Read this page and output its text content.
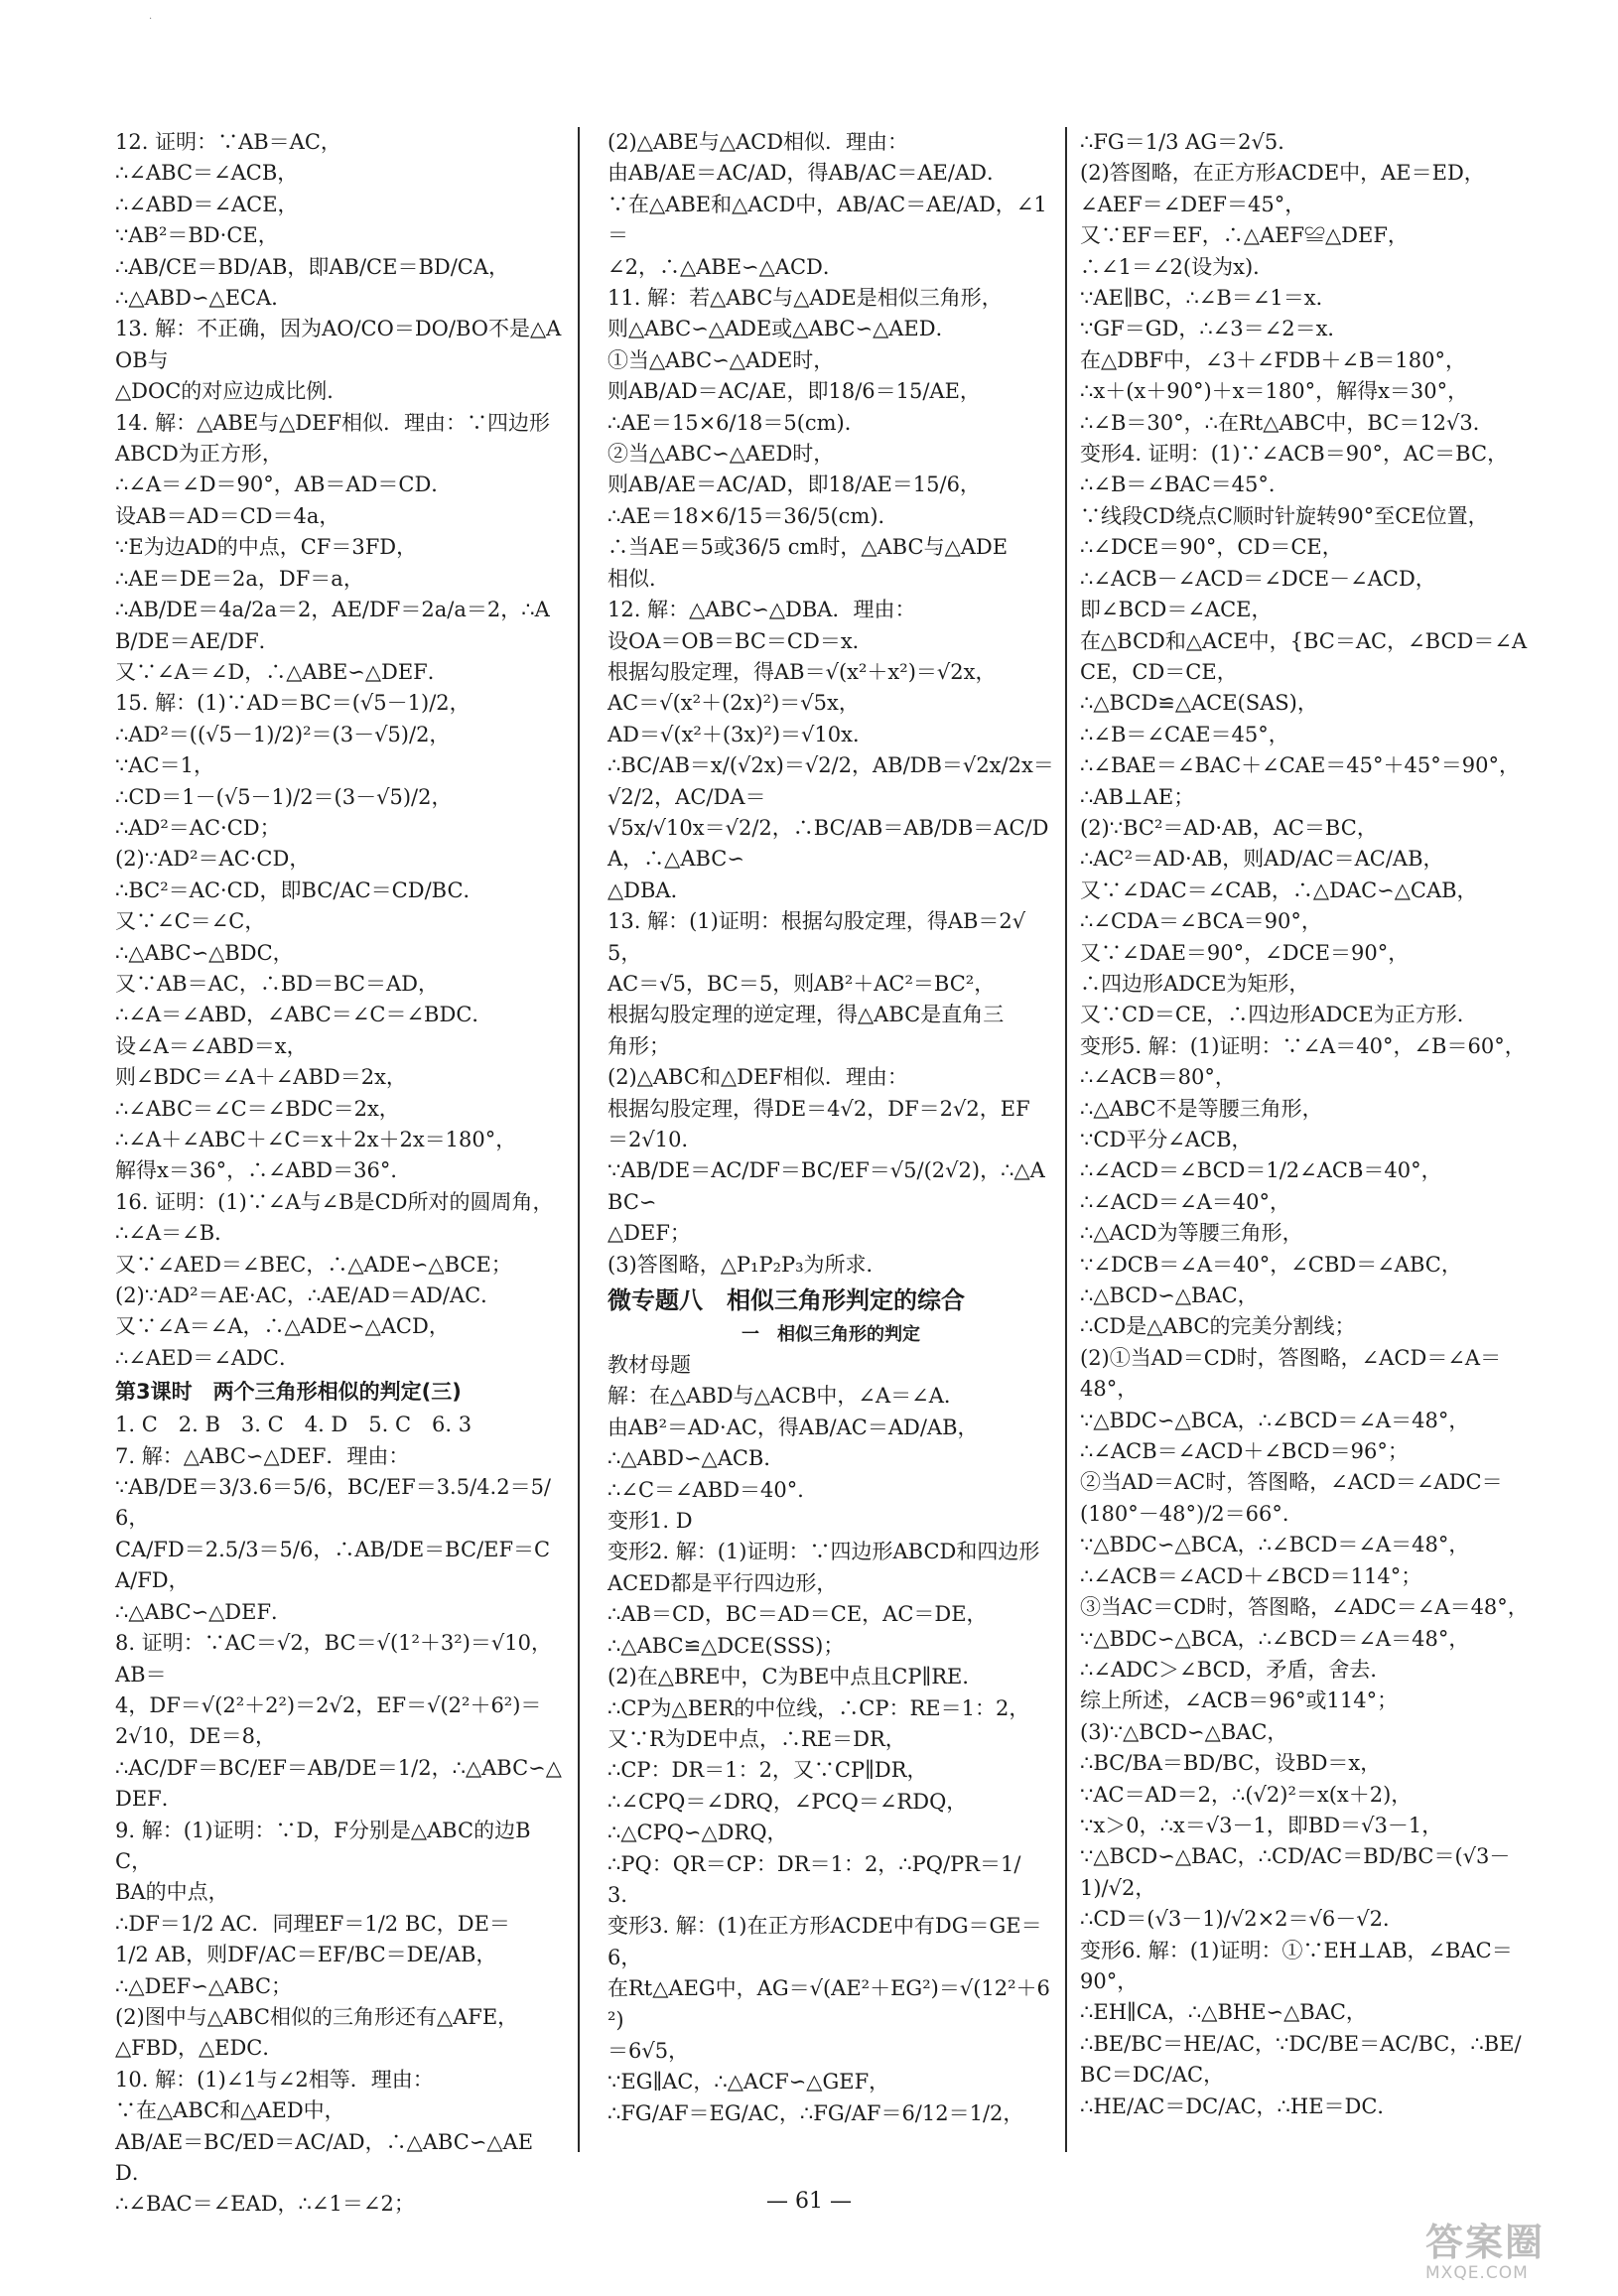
·
12. 证明：∵AB＝AC，
∴∠ABC＝∠ACB，
∴∠ABD＝∠ACE，
∵AB²＝BD·CE，
∴AB/CE＝BD/AB，即AB/CE＝BD/CA，
∴△ABD∽△ECA．
13. 解：不正确，因为AO/CO＝DO/BO不是△AOB与
△DOC的对应边成比例．
14. 解：△ABE与△DEF相似．理由：∵四边形
ABCD为正方形，
∴∠A＝∠D＝90°，AB＝AD＝CD．
设AB＝AD＝CD＝4a，
∵E为边AD的中点，CF＝3FD，
∴AE＝DE＝2a，DF＝a，
∴AB/DE＝4a/2a＝2，AE/DF＝2a/a＝2，∴AB/DE＝AE/DF．
又∵∠A＝∠D，∴△ABE∽△DEF．
15. 解：(1)∵AD＝BC＝(√5－1)/2，
∴AD²＝((√5－1)/2)²＝(3－√5)/2，
∵AC＝1，
∴CD＝1－(√5－1)/2＝(3－√5)/2，
∴AD²＝AC·CD；
(2)∵AD²＝AC·CD，
∴BC²＝AC·CD，即BC/AC＝CD/BC．
又∵∠C＝∠C，
∴△ABC∽△BDC，
又∵AB＝AC，∴BD＝BC＝AD，
∴∠A＝∠ABD，∠ABC＝∠C＝∠BDC．
设∠A＝∠ABD＝x，
则∠BDC＝∠A＋∠ABD＝2x，
∴∠ABC＝∠C＝∠BDC＝2x，
∴∠A＋∠ABC＋∠C＝x＋2x＋2x＝180°，
解得x＝36°，∴∠ABD＝36°．
16. 证明：(1)∵∠A与∠B是CD所对的圆周角，
∴∠A＝∠B．
又∵∠AED＝∠BEC，∴△ADE∽△BCE；
(2)∵AD²＝AE·AC，∴AE/AD＝AD/AC．
又∵∠A＝∠A，∴△ADE∽△ACD，
∴∠AED＝∠ADC．
第3课时　两个三角形相似的判定(三)
1. C　2. B　3. C　4. D　5. C　6. 3
7. 解：△ABC∽△DEF．理由：
∵AB/DE＝3/3.6＝5/6，BC/EF＝3.5/4.2＝5/6，
CA/FD＝2.5/3＝5/6，∴AB/DE＝BC/EF＝CA/FD，
∴△ABC∽△DEF．
8. 证明：∵AC＝√2，BC＝√(1²＋3²)＝√10，AB＝
4，DF＝√(2²＋2²)＝2√2，EF＝√(2²＋6²)＝
2√10，DE＝8，
∴AC/DF＝BC/EF＝AB/DE＝1/2，∴△ABC∽△DEF．
9. 解：(1)证明：∵D，F分别是△ABC的边BC，
BA的中点，
∴DF＝1/2 AC．同理EF＝1/2 BC，DE＝
1/2 AB，则DF/AC＝EF/BC＝DE/AB，
∴△DEF∽△ABC；
(2)图中与△ABC相似的三角形还有△AFE，
△FBD，△EDC．
10. 解：(1)∠1与∠2相等．理由：
∵在△ABC和△AED中，
AB/AE＝BC/ED＝AC/AD，∴△ABC∽△AED．
∴∠BAC＝∠EAD，∴∠1＝∠2；
(2)△ABE与△ACD相似．理由：
由AB/AE＝AC/AD，得AB/AC＝AE/AD．
∵在△ABE和△ACD中，AB/AC＝AE/AD，∠1＝
∠2，∴△ABE∽△ACD．
11. 解：若△ABC与△ADE是相似三角形，
则△ABC∽△ADE或△ABC∽△AED．
①当△ABC∽△ADE时，
则AB/AD＝AC/AE，即18/6＝15/AE，
∴AE＝15×6/18＝5(cm)．
②当△ABC∽△AED时，
则AB/AE＝AC/AD，即18/AE＝15/6，
∴AE＝18×6/15＝36/5(cm)．
∴当AE＝5或36/5 cm时，△ABC与△ADE
相似．
12. 解：△ABC∽△DBA．理由：
设OA＝OB＝BC＝CD＝x．
根据勾股定理，得AB＝√(x²＋x²)＝√2x，
AC＝√(x²＋(2x)²)＝√5x，
AD＝√(x²＋(3x)²)＝√10x．
∴BC/AB＝x/(√2x)＝√2/2，AB/DB＝√2x/2x＝√2/2，AC/DA＝
√5x/√10x＝√2/2，∴BC/AB＝AB/DB＝AC/DA，∴△ABC∽
△DBA．
13. 解：(1)证明：根据勾股定理，得AB＝2√5，
AC＝√5，BC＝5，则AB²＋AC²＝BC²，
根据勾股定理的逆定理，得△ABC是直角三
角形；
(2)△ABC和△DEF相似．理由：
根据勾股定理，得DE＝4√2，DF＝2√2，EF
＝2√10．
∵AB/DE＝AC/DF＝BC/EF＝√5/(2√2)，∴△ABC∽
△DEF；
(3)答图略，△P₁P₂P₃为所求．
微专题八　相似三角形判定的综合
一　相似三角形的判定
教材母题
解：在△ABD与△ACB中，∠A＝∠A．
由AB²＝AD·AC，得AB/AC＝AD/AB，
∴△ABD∽△ACB．
∴∠C＝∠ABD＝40°．
变形1. D
变形2. 解：(1)证明：∵四边形ABCD和四边形
ACED都是平行四边形，
∴AB＝CD，BC＝AD＝CE，AC＝DE，
∴△ABC≌△DCE(SSS)；
(2)在△BRE中，C为BE中点且CP∥RE．
∴CP为△BER的中位线，∴CP：RE＝1：2，
又∵R为DE中点，∴RE＝DR，
∴CP：DR＝1：2，又∵CP∥DR，
∴∠CPQ＝∠DRQ，∠PCQ＝∠RDQ，
∴△CPQ∽△DRQ，
∴PQ：QR＝CP：DR＝1：2，∴PQ/PR＝1/3．
变形3. 解：(1)在正方形ACDE中有DG＝GE＝
6，
在Rt△AEG中，AG＝√(AE²＋EG²)＝√(12²＋6²)
＝6√5，
∵EG∥AC，∴△ACF∽△GEF，
∴FG/AF＝EG/AC，∴FG/AF＝6/12＝1/2，
∴FG＝1/3 AG＝2√5．
(2)答图略，在正方形ACDE中，AE＝ED，
∠AEF＝∠DEF＝45°，
又∵EF＝EF，∴△AEF≌△DEF，
∴∠1＝∠2(设为x)．
∵AE∥BC，∴∠B＝∠1＝x．
∵GF＝GD，∴∠3＝∠2＝x．
在△DBF中，∠3＋∠FDB＋∠B＝180°，
∴x＋(x＋90°)＋x＝180°，解得x＝30°，
∴∠B＝30°，∴在Rt△ABC中，BC＝12√3．
变形4. 证明：(1)∵∠ACB＝90°，AC＝BC，
∴∠B＝∠BAC＝45°．
∵线段CD绕点C顺时针旋转90°至CE位置，
∴∠DCE＝90°，CD＝CE，
∴∠ACB－∠ACD＝∠DCE－∠ACD，
即∠BCD＝∠ACE，
在△BCD和△ACE中，{BC＝AC，∠BCD＝∠ACE，CD＝CE，
∴△BCD≌△ACE(SAS)，
∴∠B＝∠CAE＝45°，
∴∠BAE＝∠BAC＋∠CAE＝45°＋45°＝90°，
∴AB⊥AE；
(2)∵BC²＝AD·AB，AC＝BC，
∴AC²＝AD·AB，则AD/AC＝AC/AB，
又∵∠DAC＝∠CAB，∴△DAC∽△CAB，
∴∠CDA＝∠BCA＝90°，
又∵∠DAE＝90°，∠DCE＝90°，
∴四边形ADCE为矩形，
又∵CD＝CE，∴四边形ADCE为正方形．
变形5. 解：(1)证明：∵∠A＝40°，∠B＝60°，
∴∠ACB＝80°，
∴△ABC不是等腰三角形，
∵CD平分∠ACB，
∴∠ACD＝∠BCD＝1/2∠ACB＝40°，
∴∠ACD＝∠A＝40°，
∴△ACD为等腰三角形，
∵∠DCB＝∠A＝40°，∠CBD＝∠ABC，
∴△BCD∽△BAC，
∴CD是△ABC的完美分割线；
(2)①当AD＝CD时，答图略，∠ACD＝∠A＝
48°，
∵△BDC∽△BCA，∴∠BCD＝∠A＝48°，
∴∠ACB＝∠ACD＋∠BCD＝96°；
②当AD＝AC时，答图略，∠ACD＝∠ADC＝
(180°－48°)/2＝66°．
∵△BDC∽△BCA，∴∠BCD＝∠A＝48°，
∴∠ACB＝∠ACD＋∠BCD＝114°；
③当AC＝CD时，答图略，∠ADC＝∠A＝48°，
∵△BDC∽△BCA，∴∠BCD＝∠A＝48°，
∴∠ADC＞∠BCD，矛盾，舍去．
综上所述，∠ACB＝96°或114°；
(3)∵△BCD∽△BAC，
∴BC/BA＝BD/BC，设BD＝x，
∵AC＝AD＝2，∴(√2)²＝x(x＋2)，
∵x＞0，∴x＝√3－1，即BD＝√3－1，
∵△BCD∽△BAC，∴CD/AC＝BD/BC＝(√3－1)/√2，
∴CD＝(√3－1)/√2×2＝√6－√2．
变形6. 解：(1)证明：①∵EH⊥AB，∠BAC＝
90°，
∴EH∥CA，∴△BHE∽△BAC，
∴BE/BC＝HE/AC，∵DC/BE＝AC/BC，∴BE/BC＝DC/AC，
∴HE/AC＝DC/AC，∴HE＝DC．
— 61 —
答案圈
MXQE.COM
